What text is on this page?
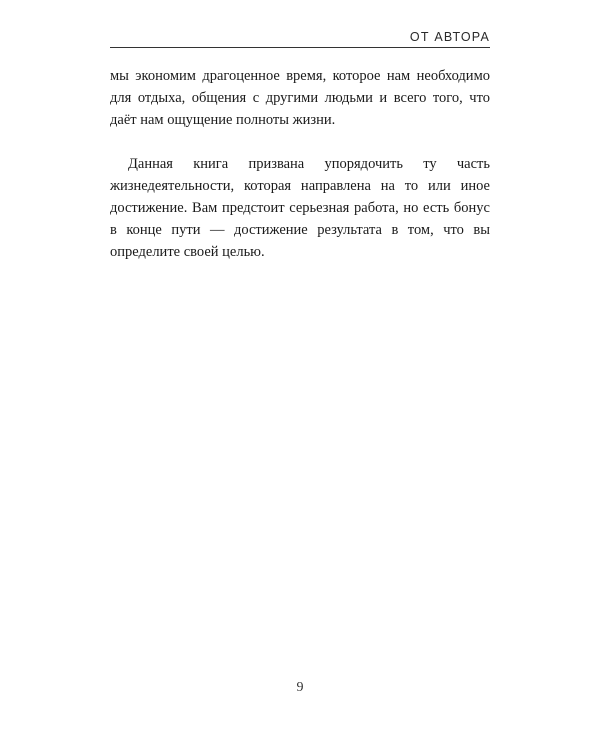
ОТ АВТОРА

мы экономим драгоценное время, которое нам необходимо для отдыха, общения с другими людьми и всего того, что даёт нам ощущение полноты жизни.

Данная книга призвана упорядочить ту часть жизнедеятельности, которая направлена на то или иное достижение. Вам предстоит серьезная работа, но есть бонус в конце пути — достижение результата в том, что вы определите своей целью.

9
